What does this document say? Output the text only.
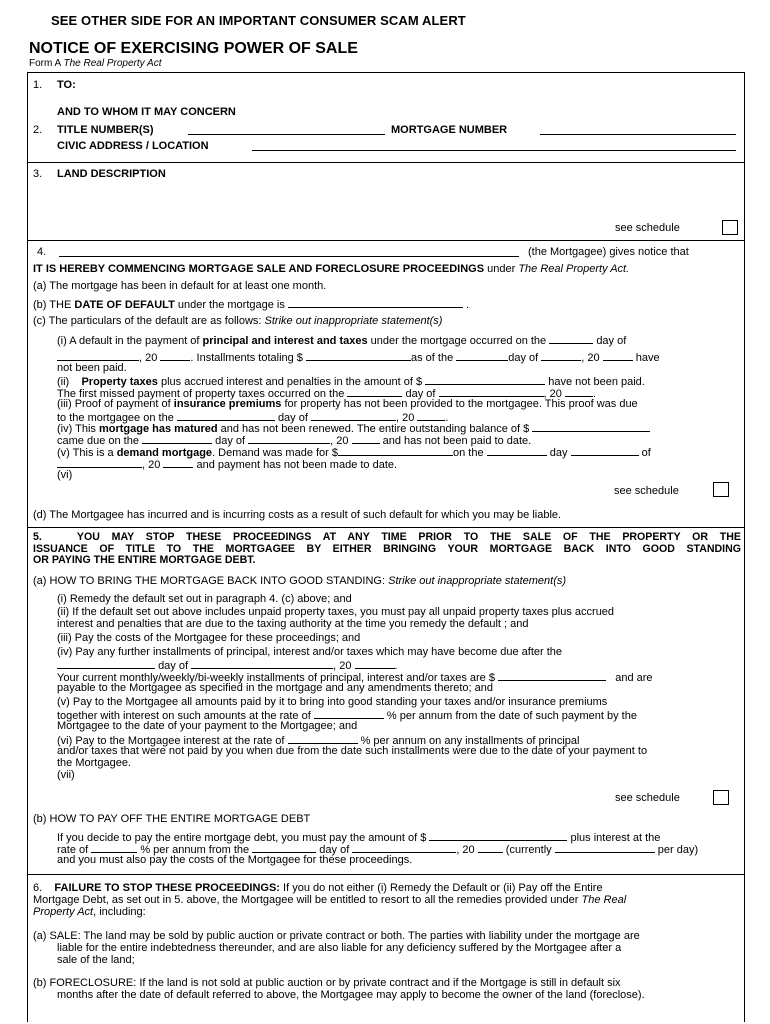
SEE OTHER SIDE FOR AN IMPORTANT CONSUMER SCAM ALERT
NOTICE OF EXERCISING POWER OF SALE
Form A The Real Property Act
1. TO:
AND TO WHOM IT MAY CONCERN
2. TITLE NUMBER(S)	MORTGAGE NUMBER
CIVIC ADDRESS / LOCATION
3. LAND DESCRIPTION
see schedule
4.	(the Mortgagee) gives notice that
IT IS HEREBY COMMENCING MORTGAGE SALE AND FORECLOSURE PROCEEDINGS under The Real Property Act.
(a) The mortgage has been in default for at least one month.
(b) THE DATE OF DEFAULT under the mortgage is	.
(c) The particulars of the default are as follows: Strike out inappropriate statement(s)
(i) A default in the payment of principal and interest and taxes under the mortgage occurred on the	day of
, 20	. Installments totaling $	as of the	day of	, 20	have
not been paid.
(ii) Property taxes plus accrued interest and penalties in the amount of $	have not been paid.
The first missed payment of property taxes occurred on the	day of	, 20	.
(iii) Proof of payment of insurance premiums for property has not been provided to the mortgagee. This proof was due
to the mortgagee on the	day of	, 20	.
(iv) This mortgage has matured and has not been renewed. The entire outstanding balance of $
came due on the	day of	, 20	and has not been paid to date.
(v) This is a demand mortgage. Demand was made for $	on the	day	of
, 20	and payment has not been made to date.
(vi)
see schedule
(d) The Mortgagee has incurred and is incurring costs as a result of such default for which you may be liable.
5.	YOU MAY STOP THESE PROCEEDINGS AT ANY TIME PRIOR TO THE SALE OF THE PROPERTY OR THE
ISSUANCE OF TITLE TO THE MORTGAGEE BY EITHER BRINGING YOUR MORTGAGE BACK INTO GOOD STANDING
OR PAYING THE ENTIRE MORTGAGE DEBT.
(a) HOW TO BRING THE MORTGAGE BACK INTO GOOD STANDING: Strike out inappropriate statement(s)
(i) Remedy the default set out in paragraph 4. (c) above; and
(ii) If the default set out above includes unpaid property taxes, you must pay all unpaid property taxes plus accrued
interest and penalties that are due to the taxing authority at the time you remedy the default ; and
(iii) Pay the costs of the Mortgagee for these proceedings; and
(iv) Pay any further installments of principal, interest and/or taxes which may have become due after the
day of	, 20	.
Your current monthly/weekly/bi-weekly installments of principal, interest and/or taxes are $	and are
payable to the Mortgagee as specified in the mortgage and any amendments thereto; and
(v) Pay to the Mortgagee all amounts paid by it to bring into good standing your taxes and/or insurance premiums
together with interest on such amounts at the rate of	% per annum from the date of such payment by the
Mortgagee to the date of your payment to the Mortgagee; and
(vi) Pay to the Mortgagee interest at the rate of	% per annum on any installments of principal
and/or taxes that were not paid by you when due from the date such installments were due to the date of your payment to
the Mortgagee.
(vii)
see schedule
(b) HOW TO PAY OFF THE ENTIRE MORTGAGE DEBT
If you decide to pay the entire mortgage debt, you must pay the amount of $	plus interest at the
rate of	% per annum from the	day of	, 20	(currently	per day)
and you must also pay the costs of the Mortgagee for these proceedings.
6. FAILURE TO STOP THESE PROCEEDINGS: If you do not either (i) Remedy the Default or (ii) Pay off the Entire
Mortgage Debt, as set out in 5. above, the Mortgagee will be entitled to resort to all the remedies provided under The Real
Property Act, including:
(a) SALE: The land may be sold by public auction or private contract or both. The parties with liability under the mortgage are
liable for the entire indebtedness thereunder, and are also liable for any deficiency suffered by the Mortgagee after a
sale of the land;
(b) FORECLOSURE: If the land is not sold at public auction or by private contract and if the Mortgage is still in default six
months after the date of default referred to above, the Mortgagee may apply to become the owner of the land (foreclose).
